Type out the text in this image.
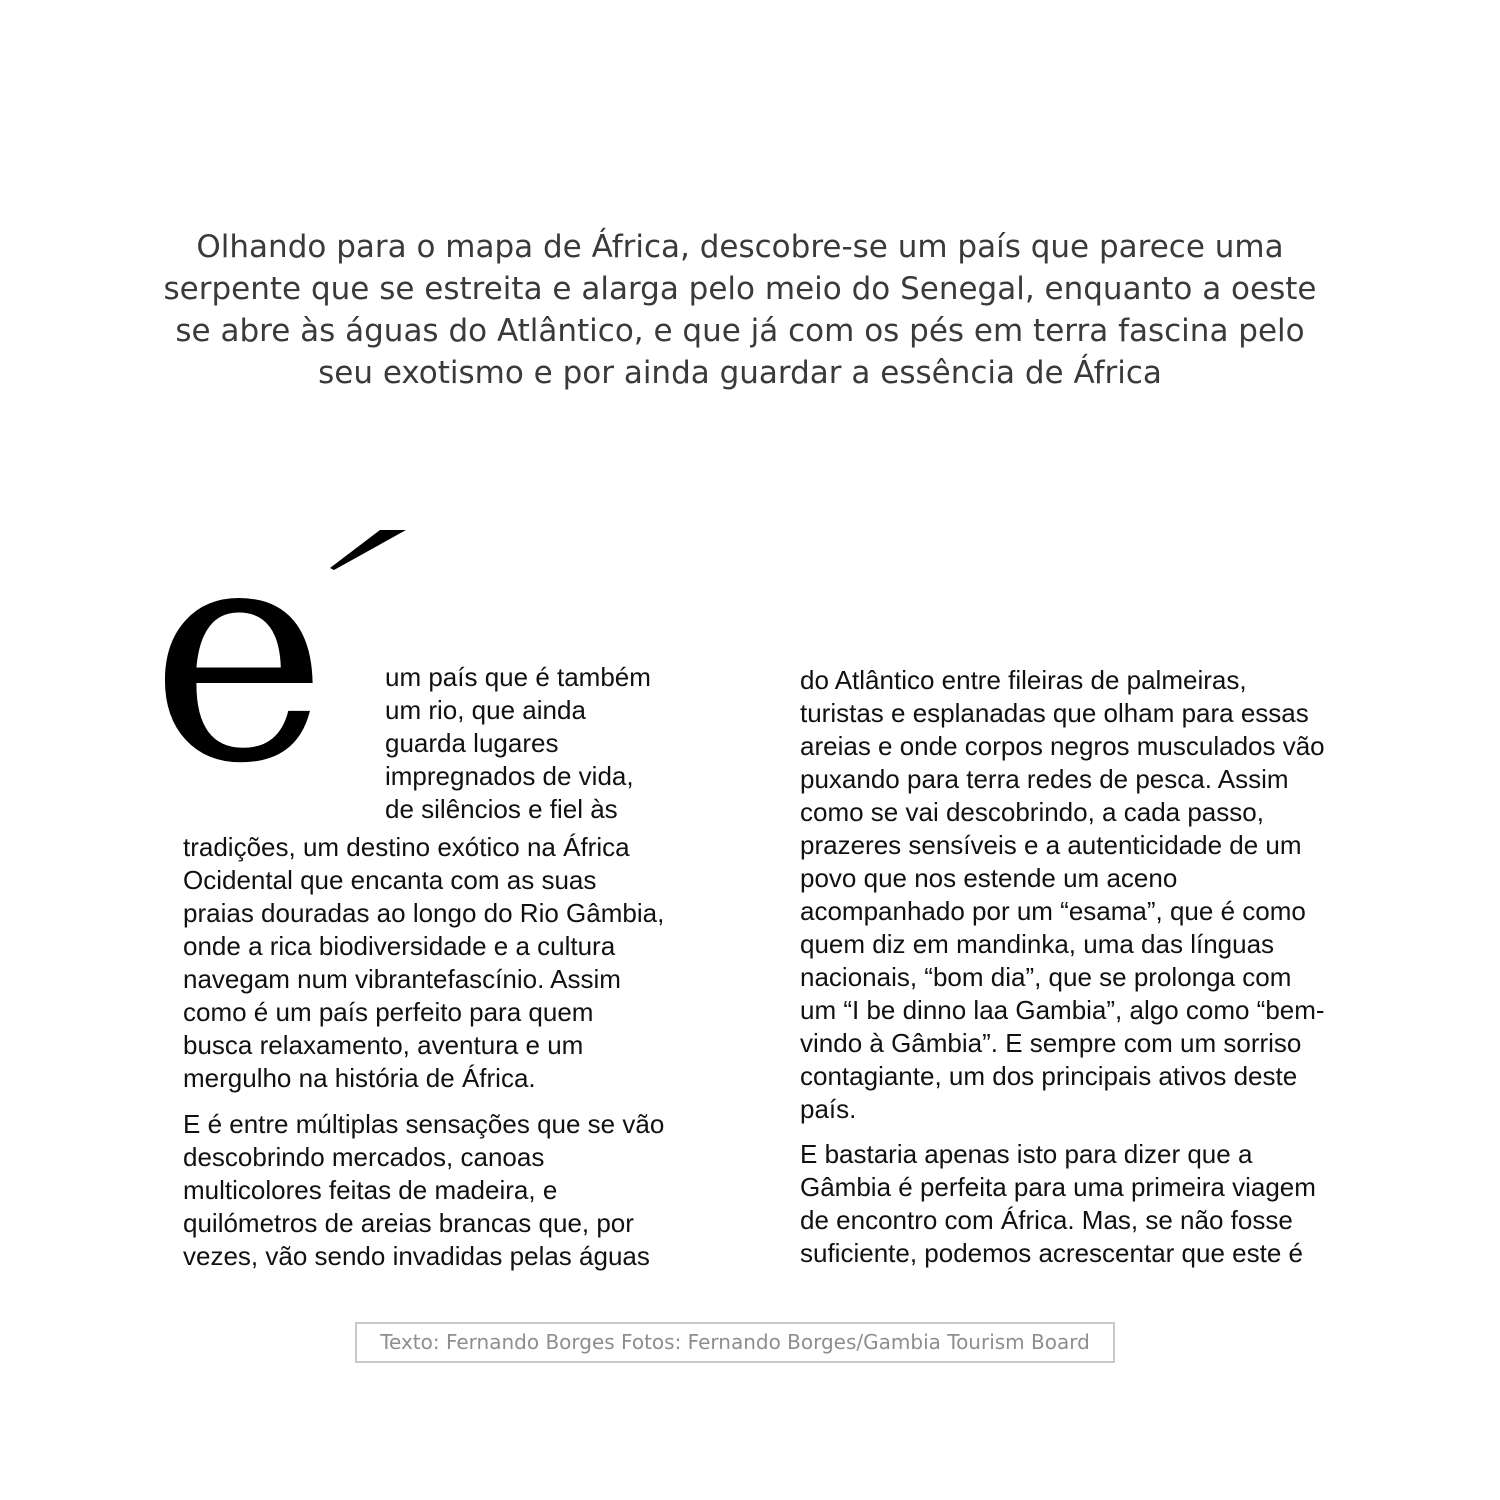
Olhando para o mapa de África, descobre-se um país que parece uma
serpente que se estreita e alarga pelo meio do Senegal, enquanto a oeste
se abre às águas do Atlântico, e que já com os pés em terra fascina pelo
seu exotismo e por ainda guardar a essência de África
e	um país que é também
um rio, que ainda
guarda lugares
impregnados de vida,
de silêncios e fiel às
tradições, um destino exótico na África
Ocidental que encanta com as suas
praias douradas ao longo do Rio Gâmbia,
onde a rica biodiversidade e a cultura
navegam num vibrantefascínio. Assim
como é um país perfeito para quem
busca relaxamento, aventura e um
mergulho na história de África.
E é entre múltiplas sensações que se vão
descobrindo mercados, canoas
multicolores feitas de madeira, e
quilómetros de areias brancas que, por
vezes, vão sendo invadidas pelas águas
do Atlântico entre fileiras de palmeiras,
turistas e esplanadas que olham para essas
areias e onde corpos negros musculados vão
puxando para terra redes de pesca. Assim
como se vai descobrindo, a cada passo,
prazeres sensíveis e a autenticidade de um
povo que nos estende um aceno
acompanhado por um “esama”, que é como
quem diz em mandinka, uma das línguas
nacionais, “bom dia”, que se prolonga com
um “I be dinno laa Gambia”, algo como “bem-
vindo à Gâmbia”. E sempre com um sorriso
contagiante, um dos principais ativos deste
país.
E bastaria apenas isto para dizer que a
Gâmbia é perfeita para uma primeira viagem
de encontro com África. Mas, se não fosse
suficiente, podemos acrescentar que este é
Texto: Fernando Borges Fotos: Fernando Borges/Gambia Tourism Board
